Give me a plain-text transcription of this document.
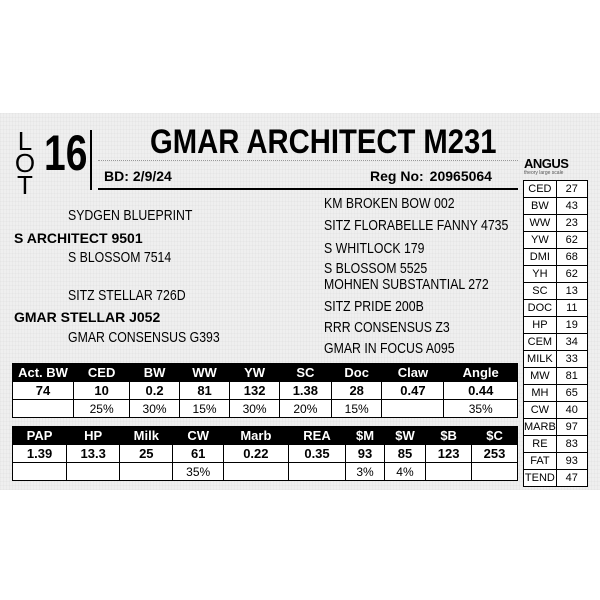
L
O
T
16 GMAR ARCHITECT M231
BD: 2/9/24	Reg No: 20965064
ANGUS
theory large scale
SYDGEN BLUEPRINT
S ARCHITECT 9501
S BLOSSOM 7514
SITZ STELLAR 726D
GMAR STELLAR J052
GMAR CONSENSUS G393
KM BROKEN BOW 002
SITZ FLORABELLE FANNY 4735
S WHITLOCK 179
S BLOSSOM 5525
MOHNEN SUBSTANTIAL 272
SITZ PRIDE 200B
RRR CONSENSUS Z3
GMAR IN FOCUS A095
Act. BW	CED	BW	WW	YW	SC	Doc	Claw	Angle
74	10	0.2	81	132	1.38	28	0.47	0.44
	25%	30%	15%	30%	20%	15%		35%
PAP	HP	Milk	CW	Marb	REA	$M	$W	$B	$C
1.39	13.3	25	61	0.22	0.35	93	85	123	253
			35%			3%	4%		
CED	27
BW	43
WW	23
YW	62
DMI	68
YH	62
SC	13
DOC	11
HP	19
CEM	34
MILK	33
MW	81
MH	65
CW	40
MARB	97
RE	83
FAT	93
TEND	47
